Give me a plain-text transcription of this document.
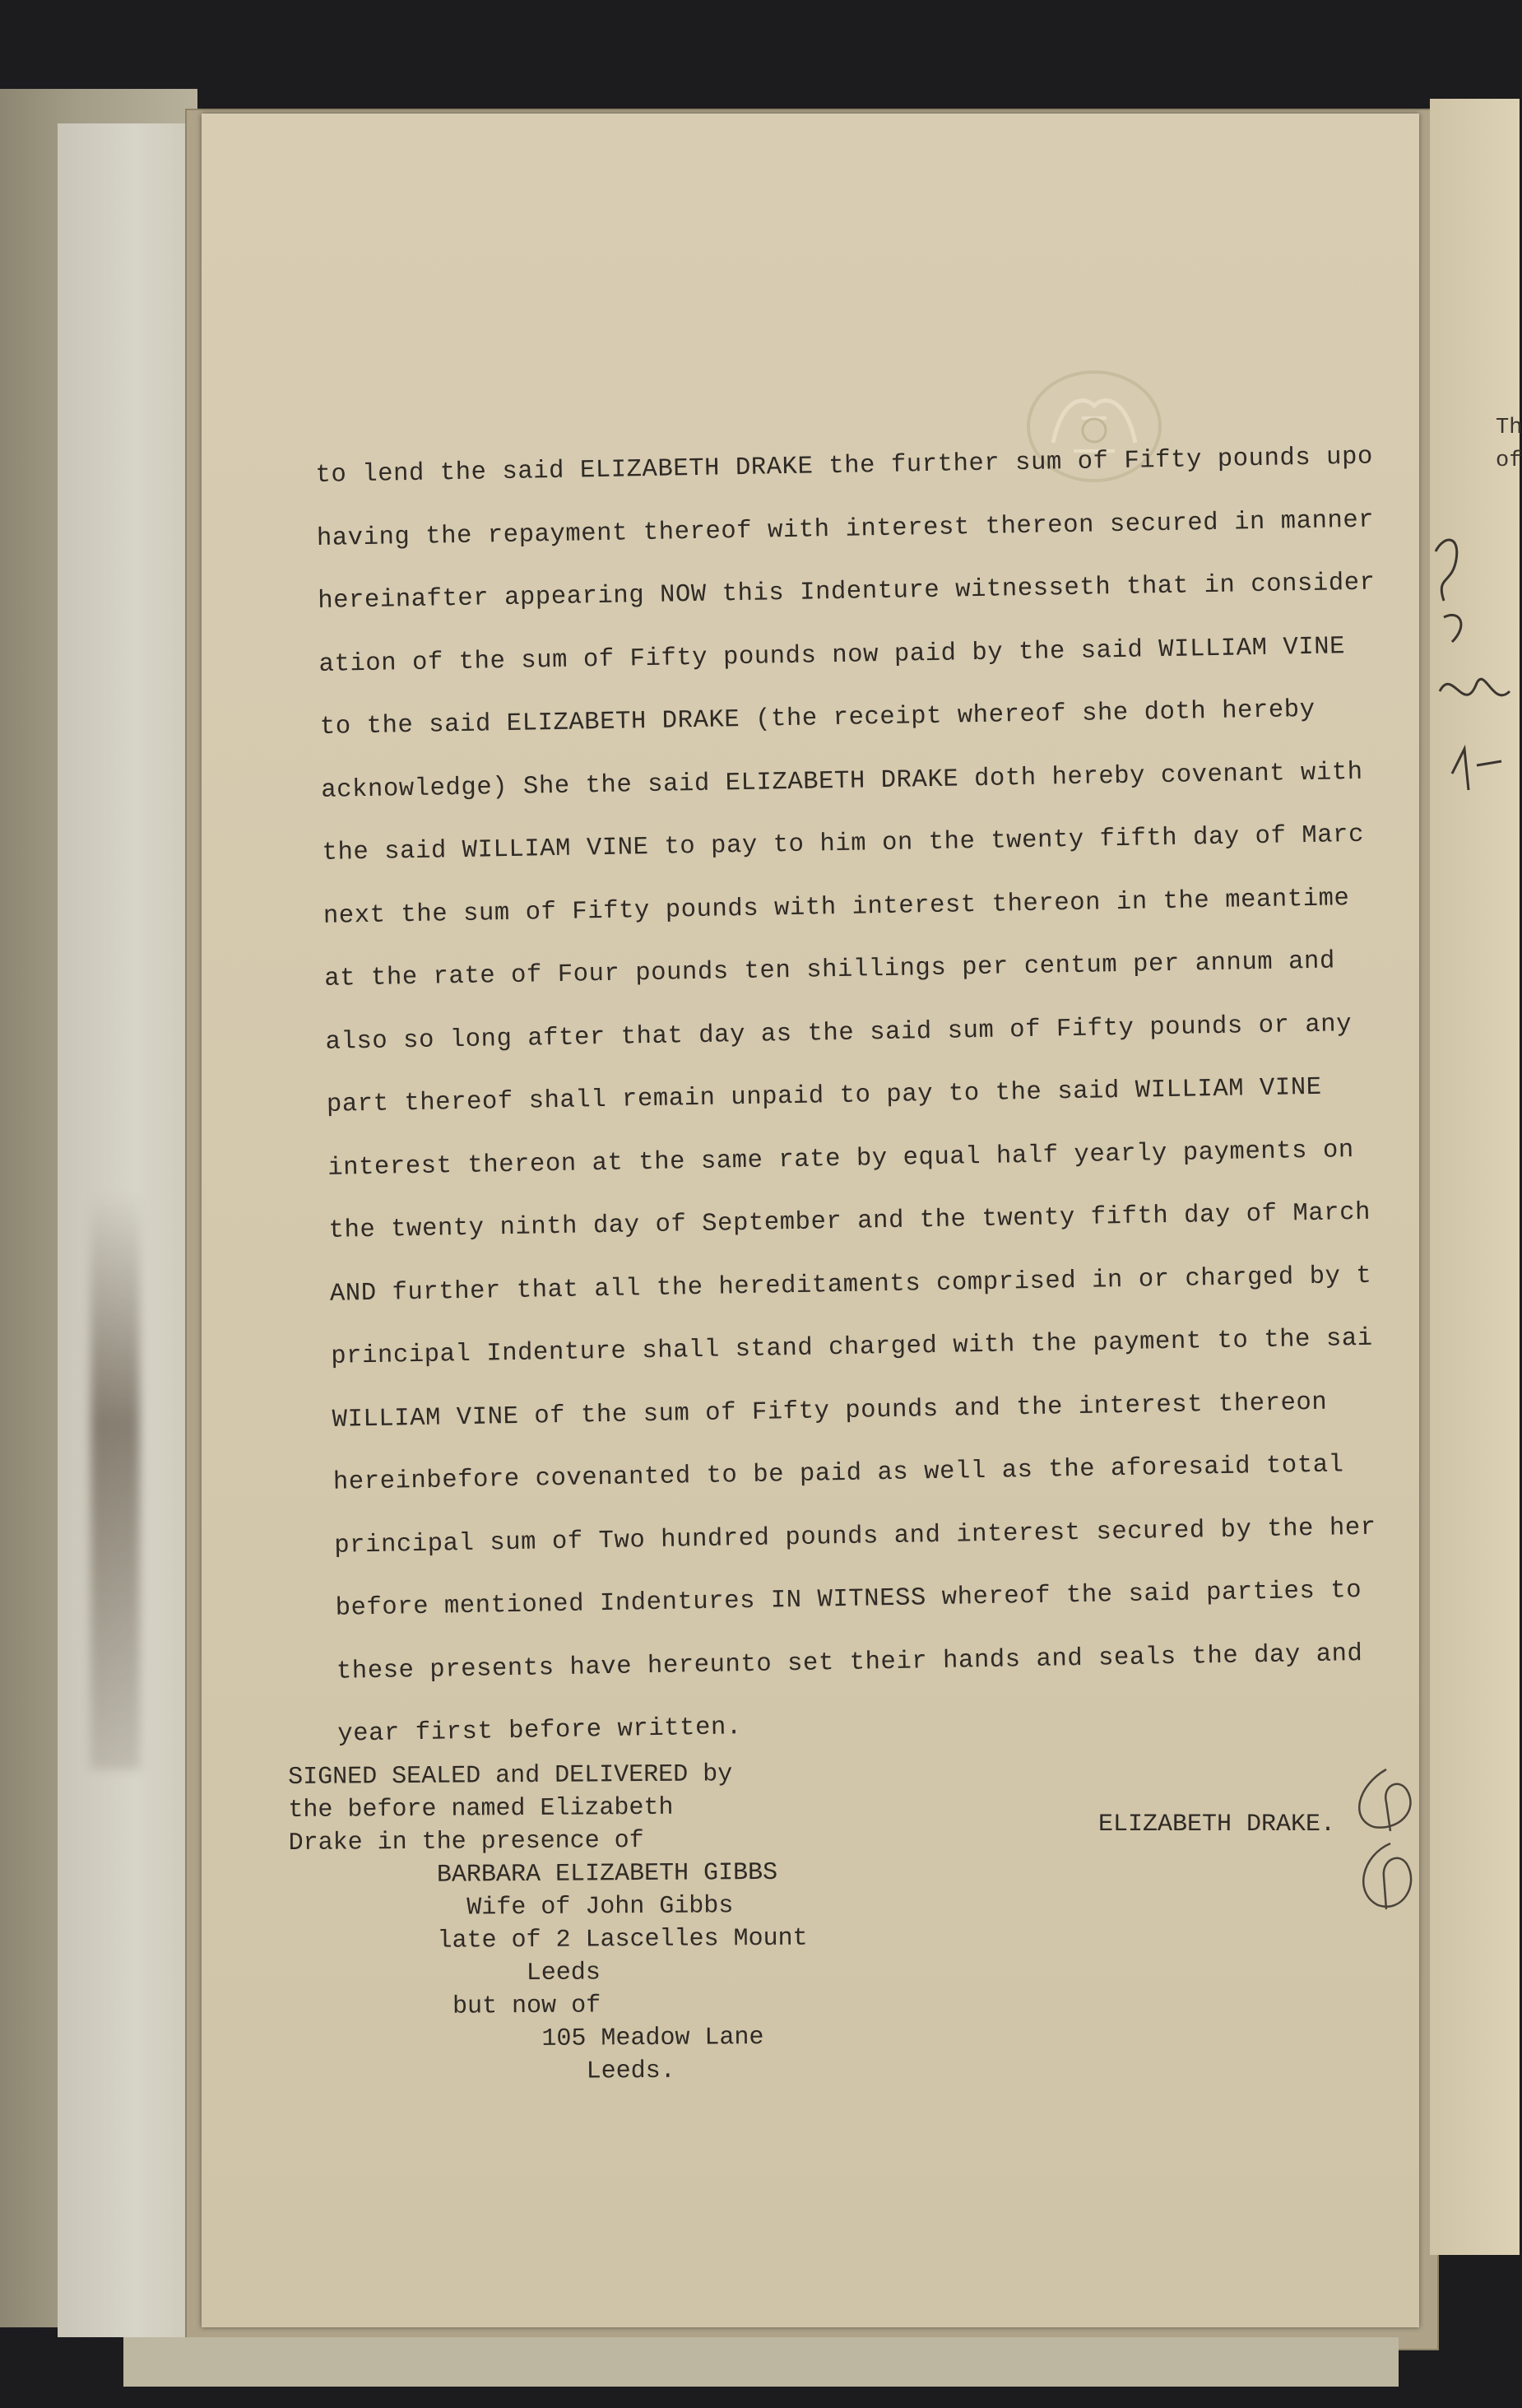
Th
of
to lend the said ELIZABETH DRAKE the further sum of Fifty pounds upo
having the repayment thereof with interest thereon secured in manner
hereinafter appearing NOW this Indenture witnesseth that in consider
ation of the sum of Fifty pounds now paid by the said WILLIAM VINE
to the said ELIZABETH DRAKE (the receipt whereof she doth hereby
acknowledge) She the said ELIZABETH DRAKE doth hereby covenant with
the said WILLIAM VINE to pay to him on the twenty fifth day of Marc
next the sum of Fifty pounds with interest thereon in the meantime
at the rate of Four pounds ten shillings per centum per annum and
also so long after that day as the said sum of Fifty pounds or any
part thereof shall remain unpaid to pay to the said WILLIAM VINE
interest thereon at the same rate by equal half yearly payments on
the twenty ninth day of September and the twenty fifth day of March
AND further that all the hereditaments comprised in or charged by t
principal Indenture shall stand charged with the payment to the sai
WILLIAM VINE of the sum of Fifty pounds and the interest thereon
hereinbefore covenanted to be paid as well as the aforesaid total
principal sum of Two hundred pounds and interest secured by the her
before mentioned Indentures IN WITNESS whereof the said parties to
these presents have hereunto set their hands and seals the day and
year first before written.
SIGNED SEALED and DELIVERED by
the before named Elizabeth
Drake in the presence of
BARBARA ELIZABETH GIBBS
Wife of John Gibbs
late of 2 Lascelles Mount
Leeds
but now of
105 Meadow Lane
Leeds.
ELIZABETH DRAKE.
